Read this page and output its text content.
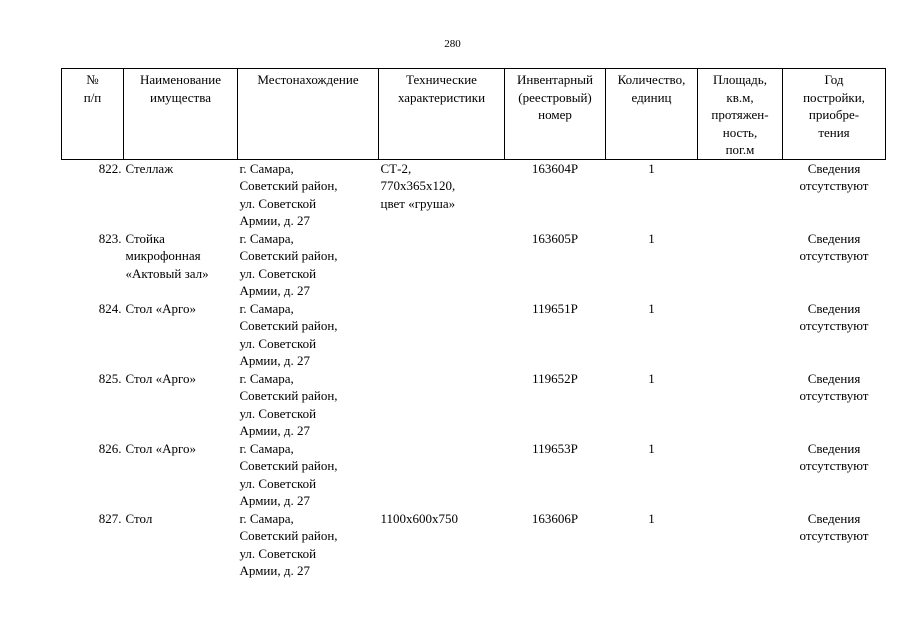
280
№
п/п	Наименование
имущества	Местонахождение	Технические
характеристики	Инвентарный
(реестровый)
номер	Количество,
единиц	Площадь,
кв.м,
протяжен-
ность,
пог.м	Год
постройки,
приобре-
тения
822.	Стеллаж	г. Самара,
Советский район,
ул. Советской
Армии, д. 27	СТ-2,
770х365х120,
цвет «груша»	163604Р	1		Сведения
отсутствуют
823.	Стойка
микрофонная
«Актовый зал»	г. Самара,
Советский район,
ул. Советской
Армии, д. 27		163605Р	1		Сведения
отсутствуют
824.	Стол «Арго»	г. Самара,
Советский район,
ул. Советской
Армии, д. 27		119651Р	1		Сведения
отсутствуют
825.	Стол «Арго»	г. Самара,
Советский район,
ул. Советской
Армии, д. 27		119652Р	1		Сведения
отсутствуют
826.	Стол «Арго»	г. Самара,
Советский район,
ул. Советской
Армии, д. 27		119653Р	1		Сведения
отсутствуют
827.	Стол	г. Самара,
Советский район,
ул. Советской
Армии, д. 27	1100х600х750	163606Р	1		Сведения
отсутствуют
